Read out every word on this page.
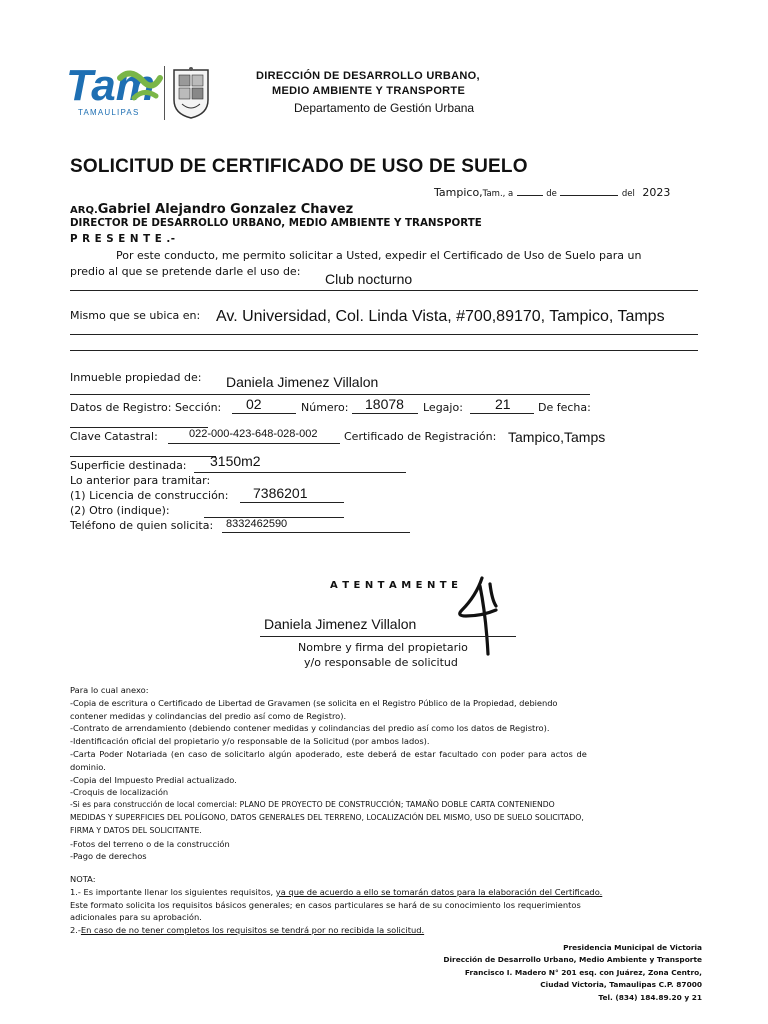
Tam
TAMAULIPAS
DIRECCIÓN DE DESARROLLO URBANO,
MEDIO AMBIENTE Y TRANSPORTE
Departamento de Gestión Urbana
SOLICITUD DE CERTIFICADO DE USO DE SUELO
Tampico,Tam., a	de	del 2023
ARQ.Gabriel Alejandro Gonzalez Chavez
DIRECTOR DE DESARROLLO URBANO, MEDIO AMBIENTE Y TRANSPORTE
P R E S E N T E .-
Por este conducto, me permito solicitar a Usted, expedir el Certificado de Uso de Suelo para un
predio al que se pretende darle el uso de: Club nocturno
Mismo que se ubica en: Av. Universidad, Col. Linda Vista, #700,89170, Tampico, Tamps
Inmueble propiedad de: Daniela Jimenez Villalon
Datos de Registro: Sección: 02	Número: 18078 Legajo: 21 De fecha:
Clave Catastral:	022-000-423-648-028-002 Certificado de Registración: Tampico,Tamps
Superficie destinada: 3150m2
Lo anterior para tramitar:
(1) Licencia de construcción: 7386201
(2) Otro (indique):
Teléfono de quien solicita: 8332462590
A T E N T A M E N T E
Daniela Jimenez Villalon
Nombre y firma del propietario
y/o responsable de solicitud
Para lo cual anexo:
-Copia de escritura o Certificado de Libertad de Gravamen (se solicita en el Registro Público de la Propiedad, debiendo
contener medidas y colindancias del predio así como de Registro).
-Contrato de arrendamiento (debiendo contener medidas y colindancias del predio así como los datos de Registro).
-Identificación oficial del propietario y/o responsable de la Solicitud (por ambos lados).
-Carta Poder Notariada (en caso de solicitarlo algún apoderado, este deberá de estar facultado con poder para actos de
dominio.
-Copia del Impuesto Predial actualizado.
-Croquis de localización
-Si es para construcción de local comercial: PLANO DE PROYECTO DE CONSTRUCCIÓN; TAMAÑO DOBLE CARTA CONTENIENDO
MEDIDAS Y SUPERFICIES DEL POLÍGONO, DATOS GENERALES DEL TERRENO, LOCALIZACIÓN DEL MISMO, USO DE SUELO SOLICITADO,
FIRMA Y DATOS DEL SOLICITANTE.
-Fotos del terreno o de la construcción
-Pago de derechos
NOTA:
1.- Es importante llenar los siguientes requisitos, ya que de acuerdo a ello se tomarán datos para la elaboración del Certificado.
Este formato solicita los requisitos básicos generales; en casos particulares se hará de su conocimiento los requerimientos
adicionales para su aprobación.
2.-En caso de no tener completos los requisitos se tendrá por no recibida la solicitud.
Presidencia Municipal de Victoria
Dirección de Desarrollo Urbano, Medio Ambiente y Transporte
Francisco I. Madero N° 201 esq. con Juárez, Zona Centro,
Ciudad Victoria, Tamaulipas C.P. 87000
Tel. (834) 184.89.20 y 21
